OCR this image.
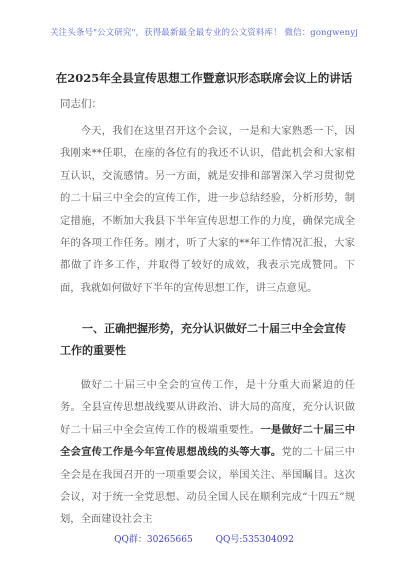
关注头条号"公文研究"，获得最新最全最专业的公文资料库！ 微信：gongwenyj
在2025年全县宣传思想工作暨意识形态联席会议上的讲话
同志们：

今天，我们在这里召开这个会议，一是和大家熟悉一下，因我刚来**任职，在座的各位有的我还不认识，借此机会和大家相互认识，交流感情。另一方面，就是安排和部署深入学习贯彻党的二十届三中全会的宣传工作，进一步总结经验，分析形势，制定措施，不断加大我县下半年宣传思想工作的力度，确保完成全年的各项工作任务。刚才，听了大家的**年工作情况汇报，大家都做了许多工作，并取得了较好的成效，我表示完成赞同。下面，我就如何做好下半年的宣传思想工作，讲三点意见。

一、正确把握形势，充分认识做好二十届三中全会宣传工作的重要性

做好二十届三中全会的宣传工作，是十分重大而紧迫的任务。全县宣传思想战线要从讲政治、讲大局的高度，充分认识做好二十届三中全会宣传工作的极端重要性。一是做好二十届三中全会宣传工作是今年宣传思想战线的头等大事。党的二十届三中全会是在我国召开的一项重要会议，举国关注、举国瞩目。这次会议，对于统一全党思想、动员全国人民在顺利完成“十四五”规划，全面建设社会主

QQ群：30265665	QQ号:535304092
